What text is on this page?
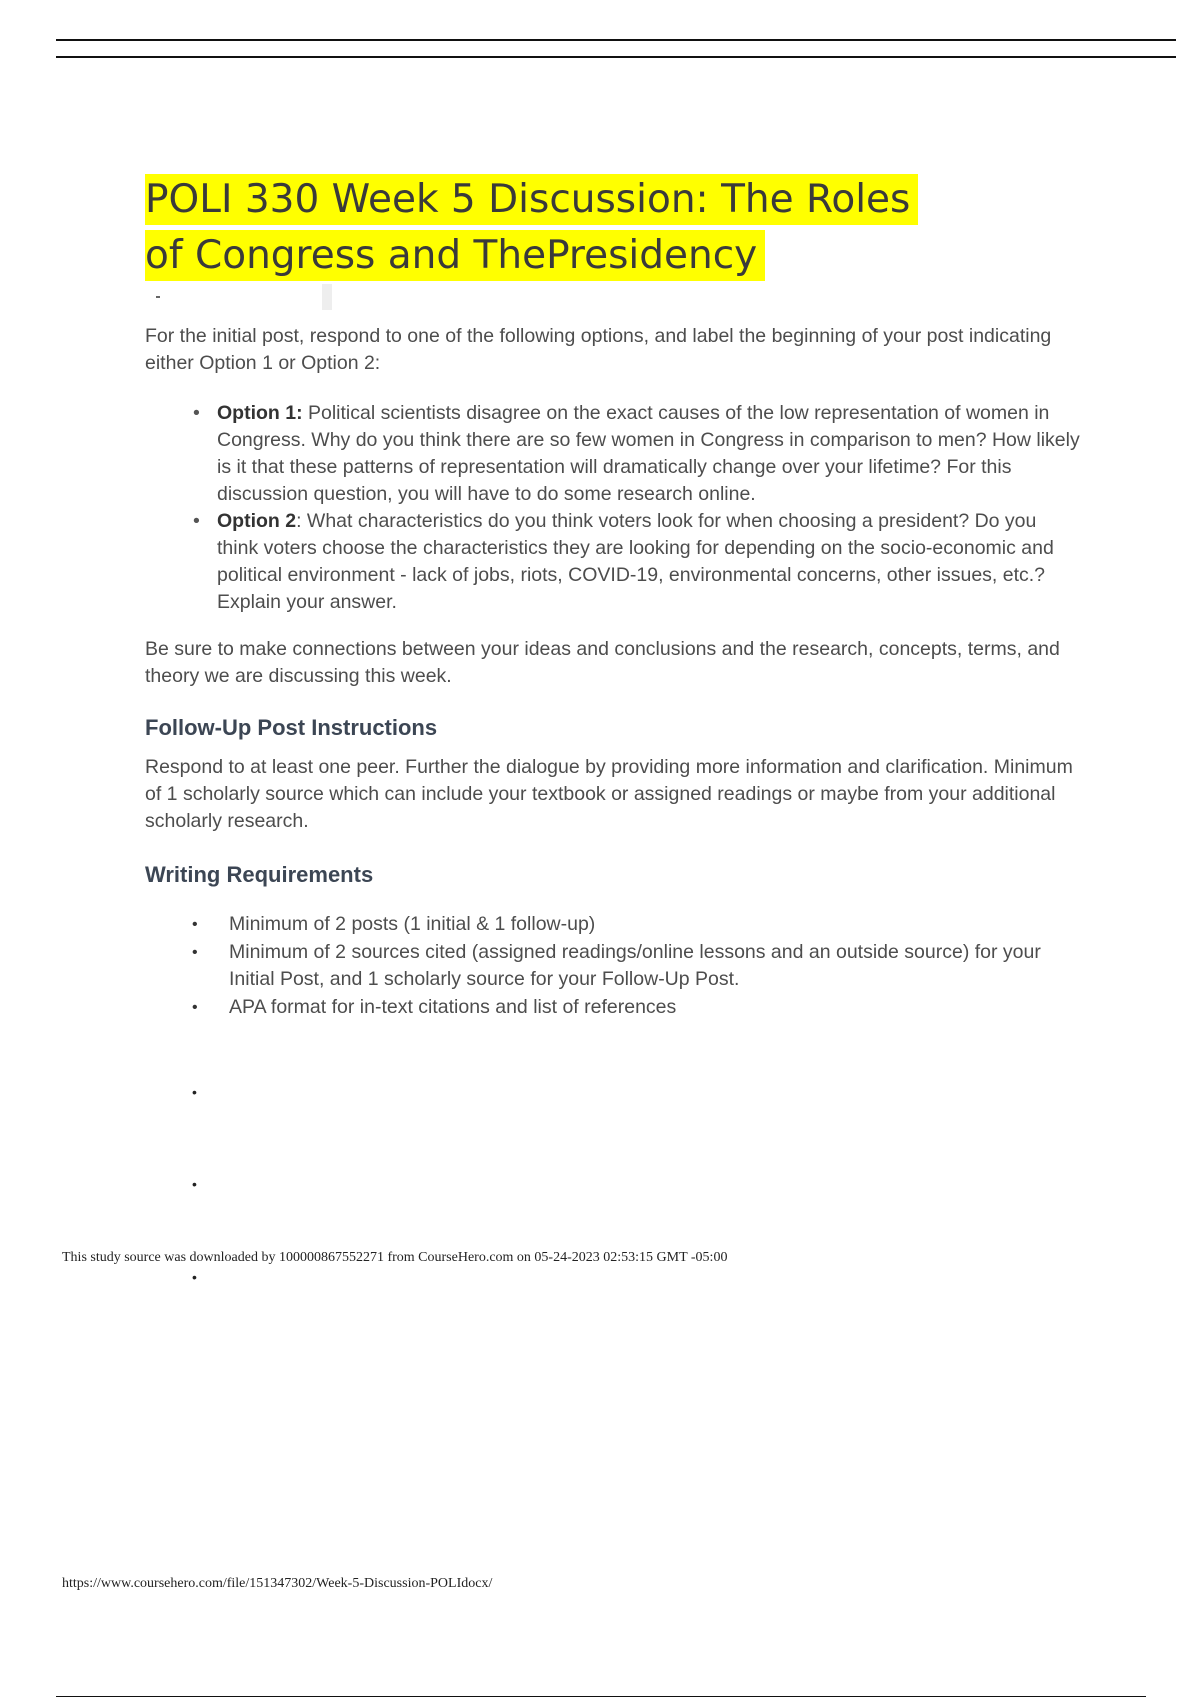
POLI 330 Week 5 Discussion: The Roles of Congress and ThePresidency

For the initial post, respond to one of the following options, and label the beginning of your post indicating either Option 1 or Option 2:

• Option 1: Political scientists disagree on the exact causes of the low representation of women in Congress. Why do you think there are so few women in Congress in comparison to men? How likely is it that these patterns of representation will dramatically change over your lifetime? For this discussion question, you will have to do some research online.
• Option 2: What characteristics do you think voters look for when choosing a president? Do you think voters choose the characteristics they are looking for depending on the socio-economic and political environment - lack of jobs, riots, COVID-19, environmental concerns, other issues, etc.? Explain your answer.

Be sure to make connections between your ideas and conclusions and the research, concepts, terms, and theory we are discussing this week.

Follow-Up Post Instructions

Respond to at least one peer. Further the dialogue by providing more information and clarification. Minimum of 1 scholarly source which can include your textbook or assigned readings or maybe from your additional scholarly research.

Writing Requirements
• Minimum of 2 posts (1 initial & 1 follow-up)
• Minimum of 2 sources cited (assigned readings/online lessons and an outside source) for your Initial Post, and 1 scholarly source for your Follow-Up Post.
• APA format for in-text citations and list of references
•
•
•
This study source was downloaded by 100000867552271 from CourseHero.com on 05-24-2023 02:53:15 GMT -05:00
https://www.coursehero.com/file/151347302/Week-5-Discussion-POLIdocx/
